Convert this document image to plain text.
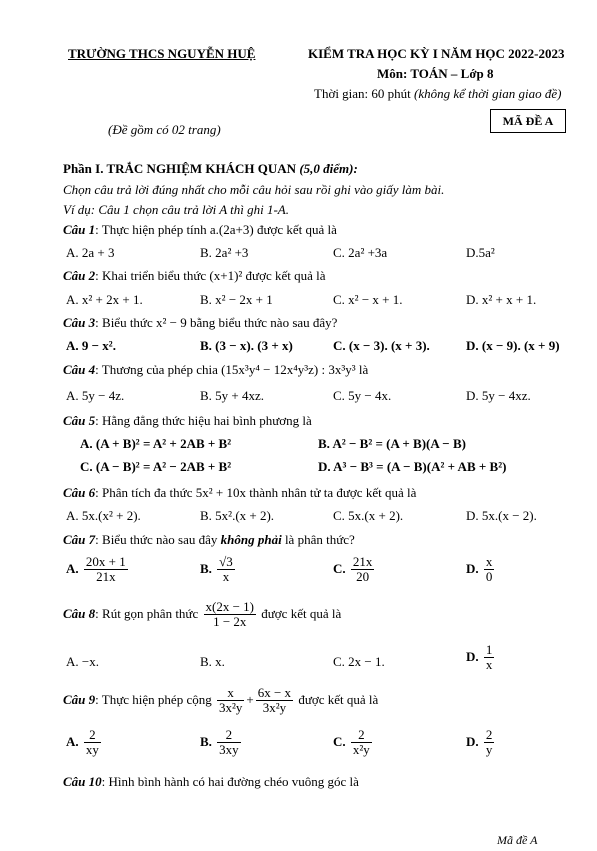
TRƯỜNG THCS NGUYỄN HUỆ	KIỂM TRA HỌC KỲ I NĂM HỌC 2022-2023
Môn: TOÁN – Lớp 8
Thời gian: 60 phút (không kể thời gian giao đề)
(Đề gồm có 02 trang)
MÃ ĐỀ A
Phần I. TRẮC NGHIỆM KHÁCH QUAN (5,0 điểm):
Chọn câu trả lời đúng nhất cho mỗi câu hỏi sau rồi ghi vào giấy làm bài.
Ví dụ: Câu 1 chọn câu trả lời A thì ghi 1-A.
Câu 1: Thực hiện phép tính a.(2a+3) được kết quả là
A. 2a + 3	B. 2a² +3	C. 2a² +3a	D.5a²
Câu 2: Khai triển biểu thức (x+1)² được kết quả là
A. x² + 2x + 1.	B. x² − 2x + 1	C. x² − x + 1.	D. x² + x + 1.
Câu 3: Biểu thức x² − 9 bằng biểu thức nào sau đây?
A. 9 − x².	B. (3 − x). (3 + x)	C. (x − 3). (x + 3).	D. (x − 9). (x + 9)
Câu 4: Thương của phép chia (15x³y⁴ − 12x⁴y³z) : 3x³y³ là
A. 5y − 4z.	B. 5y + 4xz.	C. 5y − 4x.	D. 5y − 4xz.
Câu 5: Hằng đẳng thức hiệu hai bình phương là
A. (A + B)² = A² + 2AB + B²	B. A² − B² = (A + B)(A − B)
C. (A − B)² = A² − 2AB + B²	D. A³ − B³ = (A − B)(A² + AB + B²)
Câu 6: Phân tích đa thức 5x² + 10x thành nhân tử ta được kết quả là
A. 5x.(x² + 2).	B. 5x².(x + 2).	C. 5x.(x + 2).	D. 5x.(x − 2).
Câu 7: Biểu thức nào sau đây không phải là phân thức?
A. $\frac{20x + 1}{21x}$	B. $\frac{√3}{x}$	C. $\frac{21x}{20}$	D. $\frac{x}{0}$
Câu 8: Rút gọn phân thức $\frac{x(2x - 1)}{1 - 2x}$ được kết quả là
A. −x.	B. x.	C. 2x − 1.	D. $\frac{1}{x}$
Câu 9: Thực hiện phép cộng $\frac{x}{\text{3x²y}} + \frac{6x - x}{\text{3x²y}}$ được kết quả là
A. $\frac{2}{xy}$	B. $\frac{2}{3xy}$	C. $\frac{2}{\text{x²y}}$	D. $\frac{2}{y}$
Câu 10: Hình bình hành có hai đường chéo vuông góc là
Mã đề A
